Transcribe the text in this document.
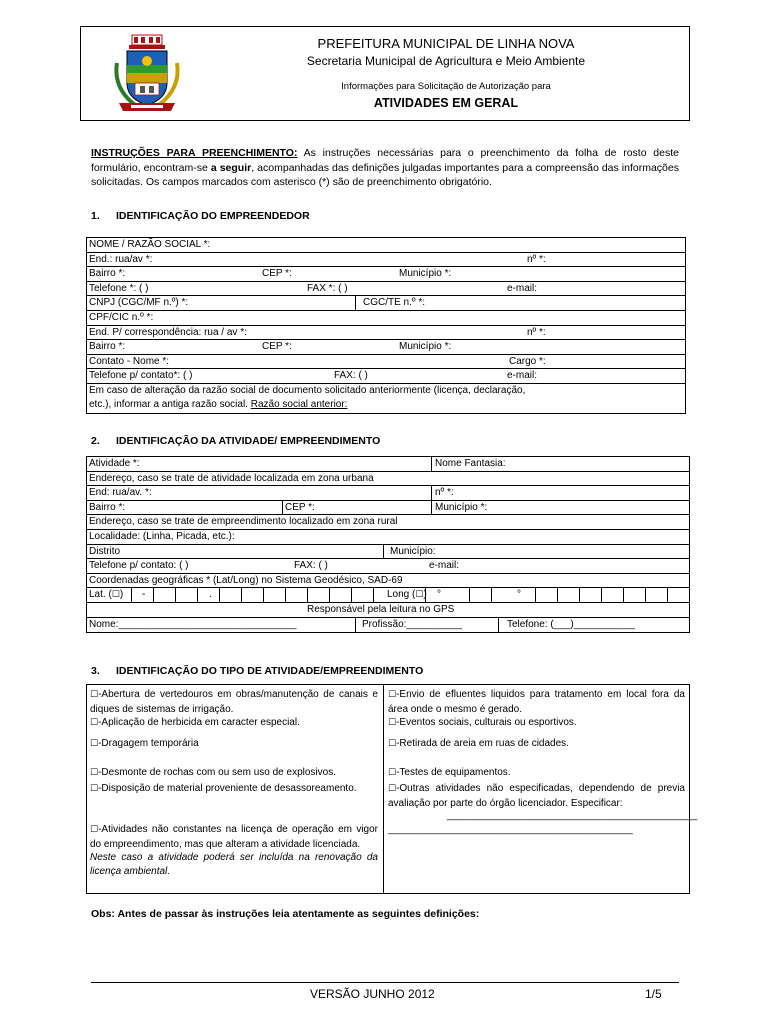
PREFEITURA MUNICIPAL DE LINHA NOVA
Secretaria Municipal de Agricultura e Meio Ambiente
Informações para Solicitação de Autorização para
ATIVIDADES EM GERAL
INSTRUÇÕES PARA PREENCHIMENTO: As instruções necessárias para o preenchimento da folha de rosto deste formulário, encontram-se a seguir, acompanhadas das definições julgadas importantes para a compreensão das informações solicitadas. Os campos marcados com asterisco (*) são de preenchimento obrigatório.
1. IDENTIFICAÇÃO DO EMPREENDEDOR
NOME / RAZÃO SOCIAL *:
End.: rua/av *:	nº *:
Bairro *:	CEP *:	Município *:
Telefone *: ( )	FAX *: ( )	e-mail:
CNPJ (CGC/MF n.º) *:	CGC/TE n.º *:
CPF/CIC n.º *:
End. P/ correspondência: rua / av *:	nº *:
Bairro *:	CEP *:	Município *:
Contato - Nome *:	Cargo *:
Telefone p/ contato*: ( )	FAX: ( )	e-mail:
Em caso de alteração da razão social de documento solicitado anteriormente (licença, declaração,
etc.), informar a antiga razão social. Razão social anterior:
2. IDENTIFICAÇÃO DA ATIVIDADE/ EMPREENDIMENTO
Atividade *:	Nome Fantasia:
Endereço, caso se trate de atividade localizada em zona urbana
End: rua/av. *:	nº *:
Bairro *:	CEP *:	Município *:
Endereço, caso se trate de empreendimento localizado em zona rural
Localidade: (Linha, Picada, etc.):
Distrito	Município:
Telefone p/ contato: ( )	FAX: ( )	e-mail:
Coordenadas geográficas * (Lat/Long) no Sistema Geodésico, SAD-69
Lat. (☐) -	.	Long (☐) °	°
Responsável pela leitura no GPS
Nome:________________________________	Profissão:__________	Telefone: (___)___________
3. IDENTIFICAÇÃO DO TIPO DE ATIVIDADE/EMPREENDIMENTO
☐-Abertura de vertedouros em obras/manutenção de canais e diques de sistemas de irrigação.
☐-Aplicação de herbicida em caracter especial.
☐-Dragagem temporária
☐-Desmonte de rochas com ou sem uso de explosivos.
☐-Disposição de material proveniente de desassoreamento.
☐-Atividades não constantes na licença de operação em vigor do empreendimento, mas que alteram a atividade licenciada.
Neste caso a atividade poderá ser incluída na renovação da licença ambiental.
☐-Envio de efluentes liquidos para tratamento em local fora da área onde o mesmo é gerado.
☐-Eventos sociais, culturais ou esportivos.
☐-Retirada de areia em ruas de cidades.
☐-Testes de equipamentos.
☐-Outras atividades não especificadas, dependendo de previa avaliação por parte do órgão licenciador. Especificar:
_____________________________________________
____________________________________________
Obs: Antes de passar às instruções leia atentamente as seguintes definições:
VERSÃO JUNHO 2012	1/5
